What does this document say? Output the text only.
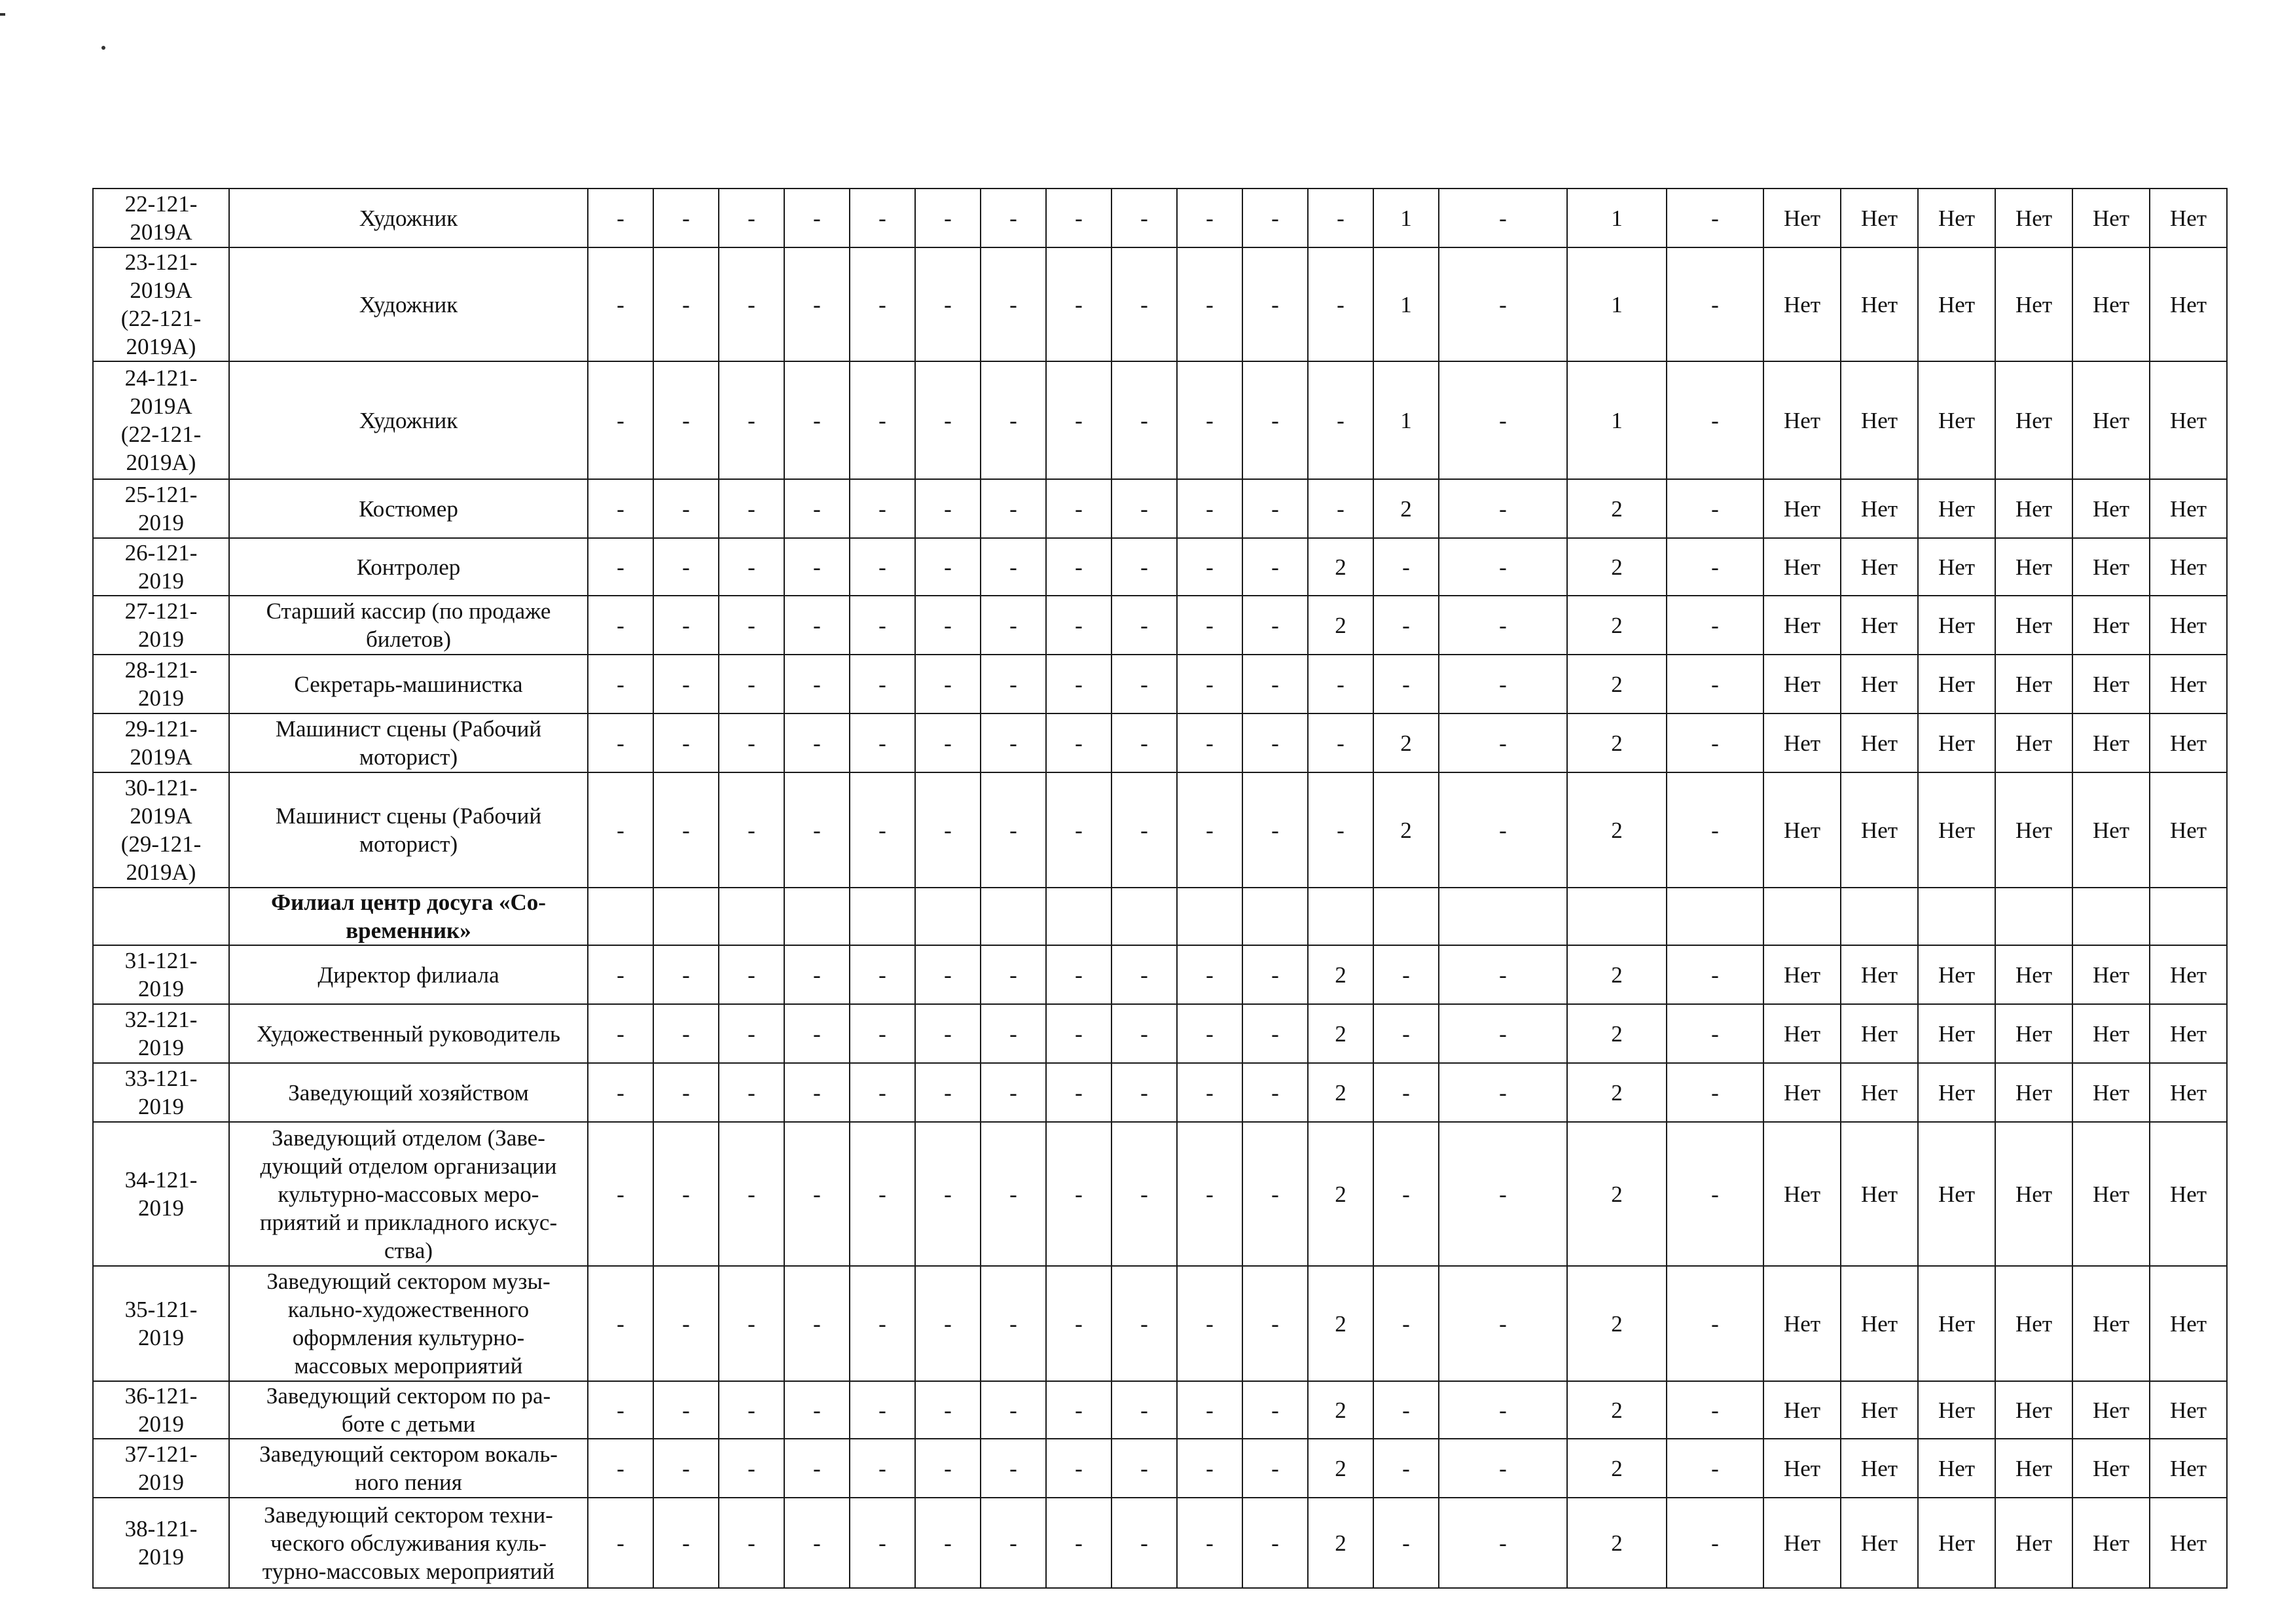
22-121-
2019А	Художник	-	-	-	-	-	-	-	-	-	-	-	-	1	-	1	-	Нет	Нет	Нет	Нет	Нет	Нет
23-121-
2019А
(22-121-
2019А)	Художник	-	-	-	-	-	-	-	-	-	-	-	-	1	-	1	-	Нет	Нет	Нет	Нет	Нет	Нет
24-121-
2019А
(22-121-
2019А)	Художник	-	-	-	-	-	-	-	-	-	-	-	-	1	-	1	-	Нет	Нет	Нет	Нет	Нет	Нет
25-121-
2019	Костюмер	-	-	-	-	-	-	-	-	-	-	-	-	2	-	2	-	Нет	Нет	Нет	Нет	Нет	Нет
26-121-
2019	Контролер	-	-	-	-	-	-	-	-	-	-	-	2	-	-	2	-	Нет	Нет	Нет	Нет	Нет	Нет
27-121-
2019	Старший кассир (по продаже
билетов)	-	-	-	-	-	-	-	-	-	-	-	2	-	-	2	-	Нет	Нет	Нет	Нет	Нет	Нет
28-121-
2019	Секретарь-машинистка	-	-	-	-	-	-	-	-	-	-	-	-	-	-	2	-	Нет	Нет	Нет	Нет	Нет	Нет
29-121-
2019А	Машинист сцены (Рабочий
моторист)	-	-	-	-	-	-	-	-	-	-	-	-	2	-	2	-	Нет	Нет	Нет	Нет	Нет	Нет
30-121-
2019А
(29-121-
2019А)	Машинист сцены (Рабочий
моторист)	-	-	-	-	-	-	-	-	-	-	-	-	2	-	2	-	Нет	Нет	Нет	Нет	Нет	Нет
	Филиал центр досуга «Со-
временник»																						
31-121-
2019	Директор филиала	-	-	-	-	-	-	-	-	-	-	-	2	-	-	2	-	Нет	Нет	Нет	Нет	Нет	Нет
32-121-
2019	Художественный руководитель	-	-	-	-	-	-	-	-	-	-	-	2	-	-	2	-	Нет	Нет	Нет	Нет	Нет	Нет
33-121-
2019	Заведующий хозяйством	-	-	-	-	-	-	-	-	-	-	-	2	-	-	2	-	Нет	Нет	Нет	Нет	Нет	Нет
34-121-
2019	Заведующий отделом (Заве-
дующий отделом организации
культурно-массовых меро-
приятий и прикладного искус-
ства)	-	-	-	-	-	-	-	-	-	-	-	2	-	-	2	-	Нет	Нет	Нет	Нет	Нет	Нет
35-121-
2019	Заведующий сектором музы-
кально-художественного
оформления культурно-
массовых мероприятий	-	-	-	-	-	-	-	-	-	-	-	2	-	-	2	-	Нет	Нет	Нет	Нет	Нет	Нет
36-121-
2019	Заведующий сектором по ра-
боте с детьми	-	-	-	-	-	-	-	-	-	-	-	2	-	-	2	-	Нет	Нет	Нет	Нет	Нет	Нет
37-121-
2019	Заведующий сектором вокаль-
ного пения	-	-	-	-	-	-	-	-	-	-	-	2	-	-	2	-	Нет	Нет	Нет	Нет	Нет	Нет
38-121-
2019	Заведующий сектором техни-
ческого обслуживания куль-
турно-массовых мероприятий	-	-	-	-	-	-	-	-	-	-	-	2	-	-	2	-	Нет	Нет	Нет	Нет	Нет	Нет
